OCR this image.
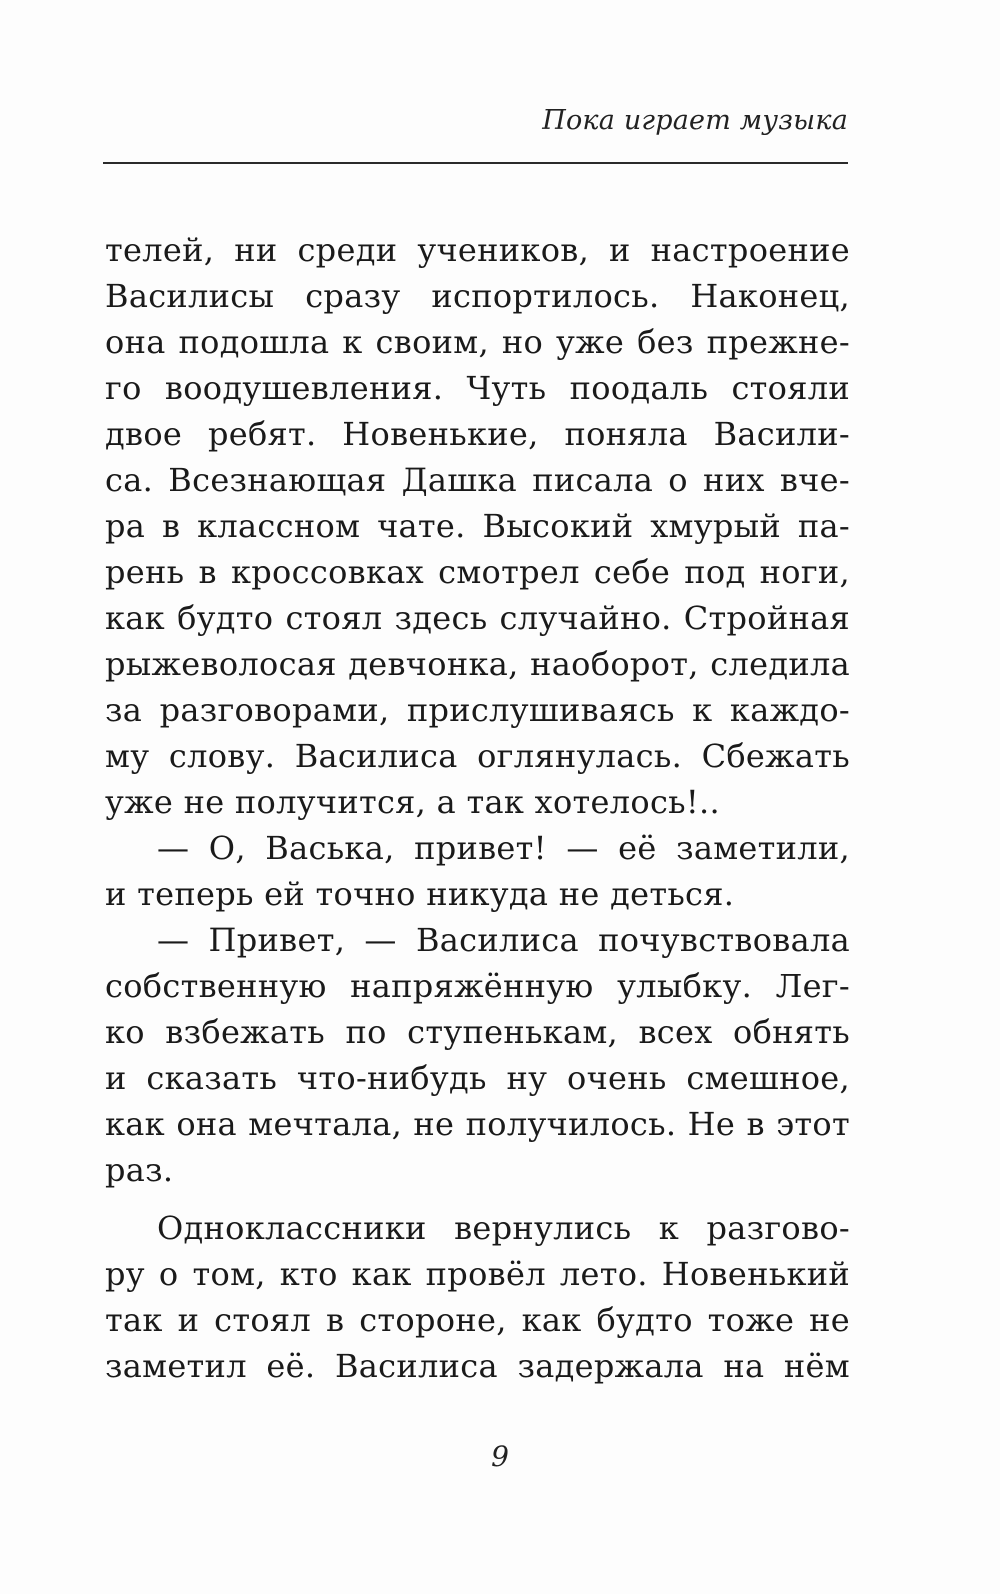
Пока играет музыка
телей, ни среди учеников, и настроение
Василисы сразу испортилось. Наконец,
она подошла к своим, но уже без прежне-
го воодушевления. Чуть поодаль стояли
двое ребят. Новенькие, поняла Васили-
са. Всезнающая Дашка писала о них вче-
ра в классном чате. Высокий хмурый па-
рень в кроссовках смотрел себе под ноги,
как будто стоял здесь случайно. Стройная
рыжеволосая девчонка, наоборот, следила
за разговорами, прислушиваясь к каждо-
му слову. Василиса оглянулась. Сбежать
уже не получится, а так хотелось!..
— О, Васька, привет! — её заметили,
и теперь ей точно никуда не деться.
— Привет, — Василиса почувствовала
собственную напряжённую улыбку. Лег-
ко взбежать по ступенькам, всех обнять
и сказать что-нибудь ну очень смешное,
как она мечтала, не получилось. Не в этот
раз.
Одноклассники вернулись к разгово-
ру о том, кто как провёл лето. Новенький
так и стоял в стороне, как будто тоже не
заметил её. Василиса задержала на нём
9
